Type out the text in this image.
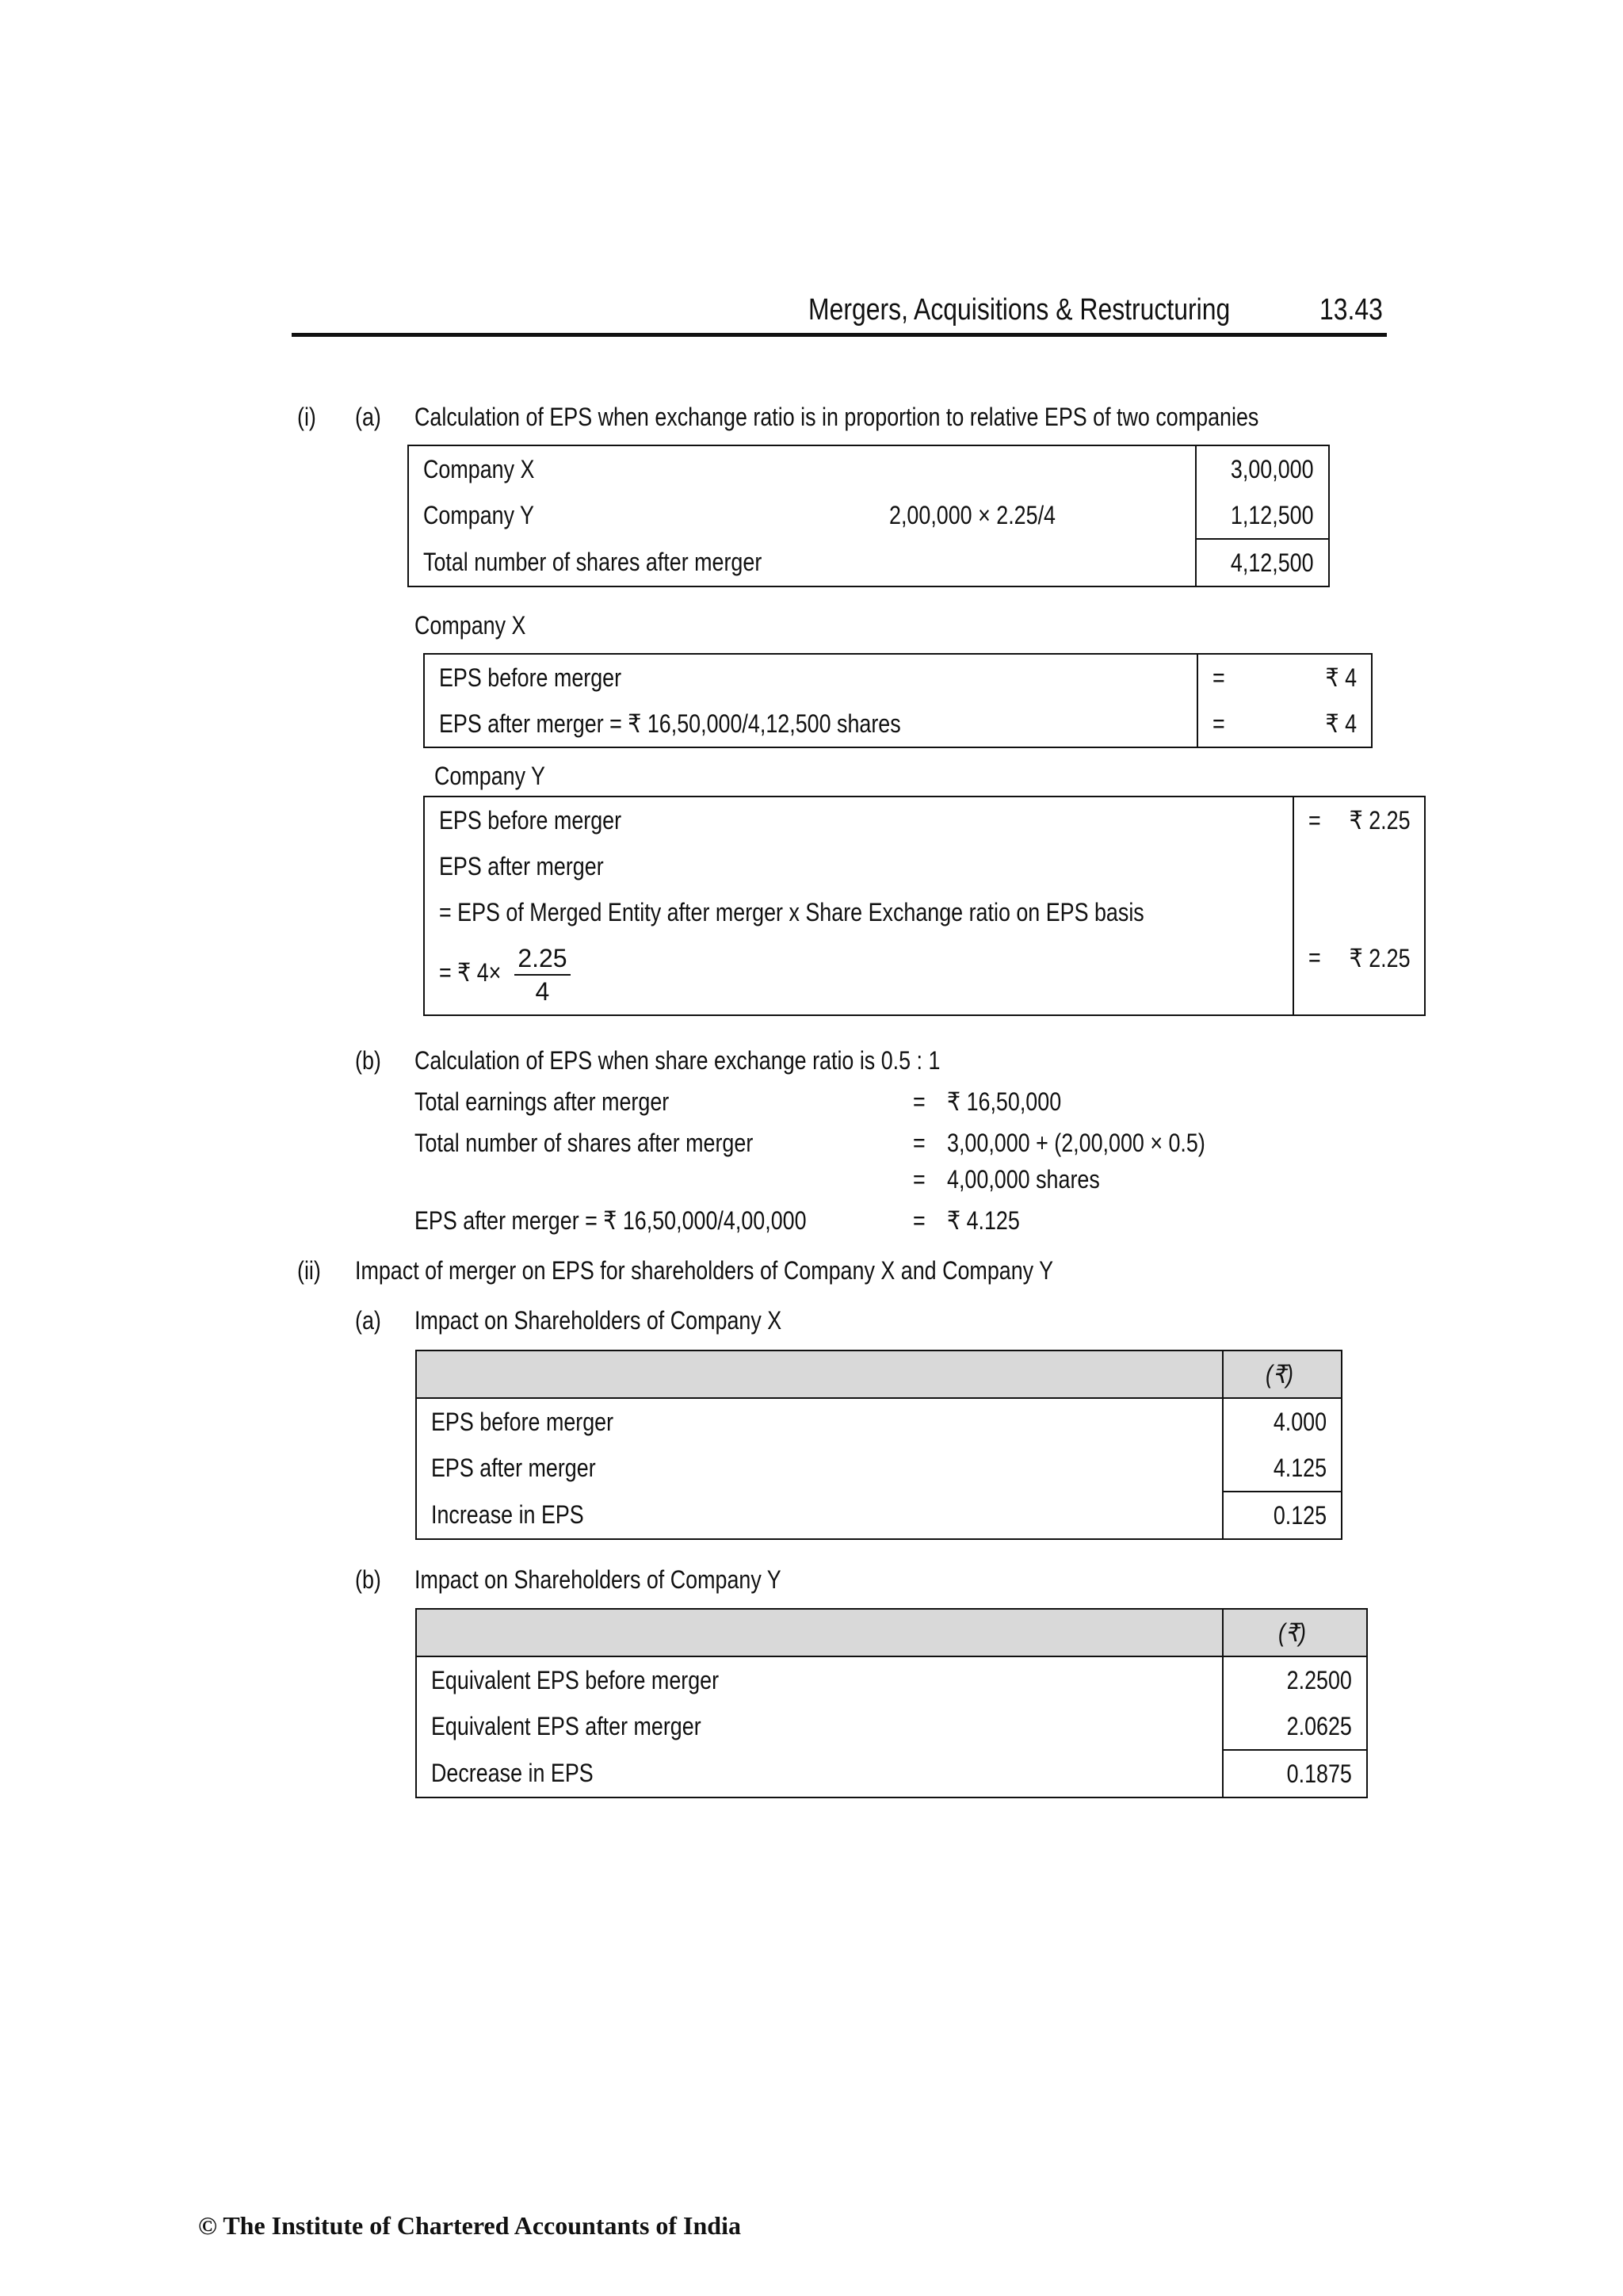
Mergers, Acquisitions & Restructuring	13.43
(i) (a) Calculation of EPS when exchange ratio is in proportion to relative EPS of two companies
Company X		3,00,000
Company Y	2,00,000 × 2.25/4	1,12,500
Total number of shares after merger		4,12,500
Company X
EPS before merger	=	₹ 4
EPS after merger = ₹ 16,50,000/4,12,500 shares	=	₹ 4
Company Y
EPS before merger	=	₹ 2.25
EPS after merger		
= EPS of Merged Entity after merger x Share Exchange ratio on EPS basis		
= ₹ $4\times \frac{2.25}{4}$	=	₹ 2.25
(b) Calculation of EPS when share exchange ratio is 0.5 : 1
Total earnings after merger	= ₹ 16,50,000
Total number of shares after merger	= 3,00,000 + (2,00,000 × 0.5)
= 4,00,000 shares
EPS after merger = ₹ 16,50,000/4,00,000	= ₹ 4.125
(ii) Impact of merger on EPS for shareholders of Company X and Company Y
(a) Impact on Shareholders of Company X
	(₹)
EPS before merger	4.000
EPS after merger	4.125
Increase in EPS	0.125
(b) Impact on Shareholders of Company Y
	(₹)
Equivalent EPS before merger	2.2500
Equivalent EPS after merger	2.0625
Decrease in EPS	0.1875
© The Institute of Chartered Accountants of India
